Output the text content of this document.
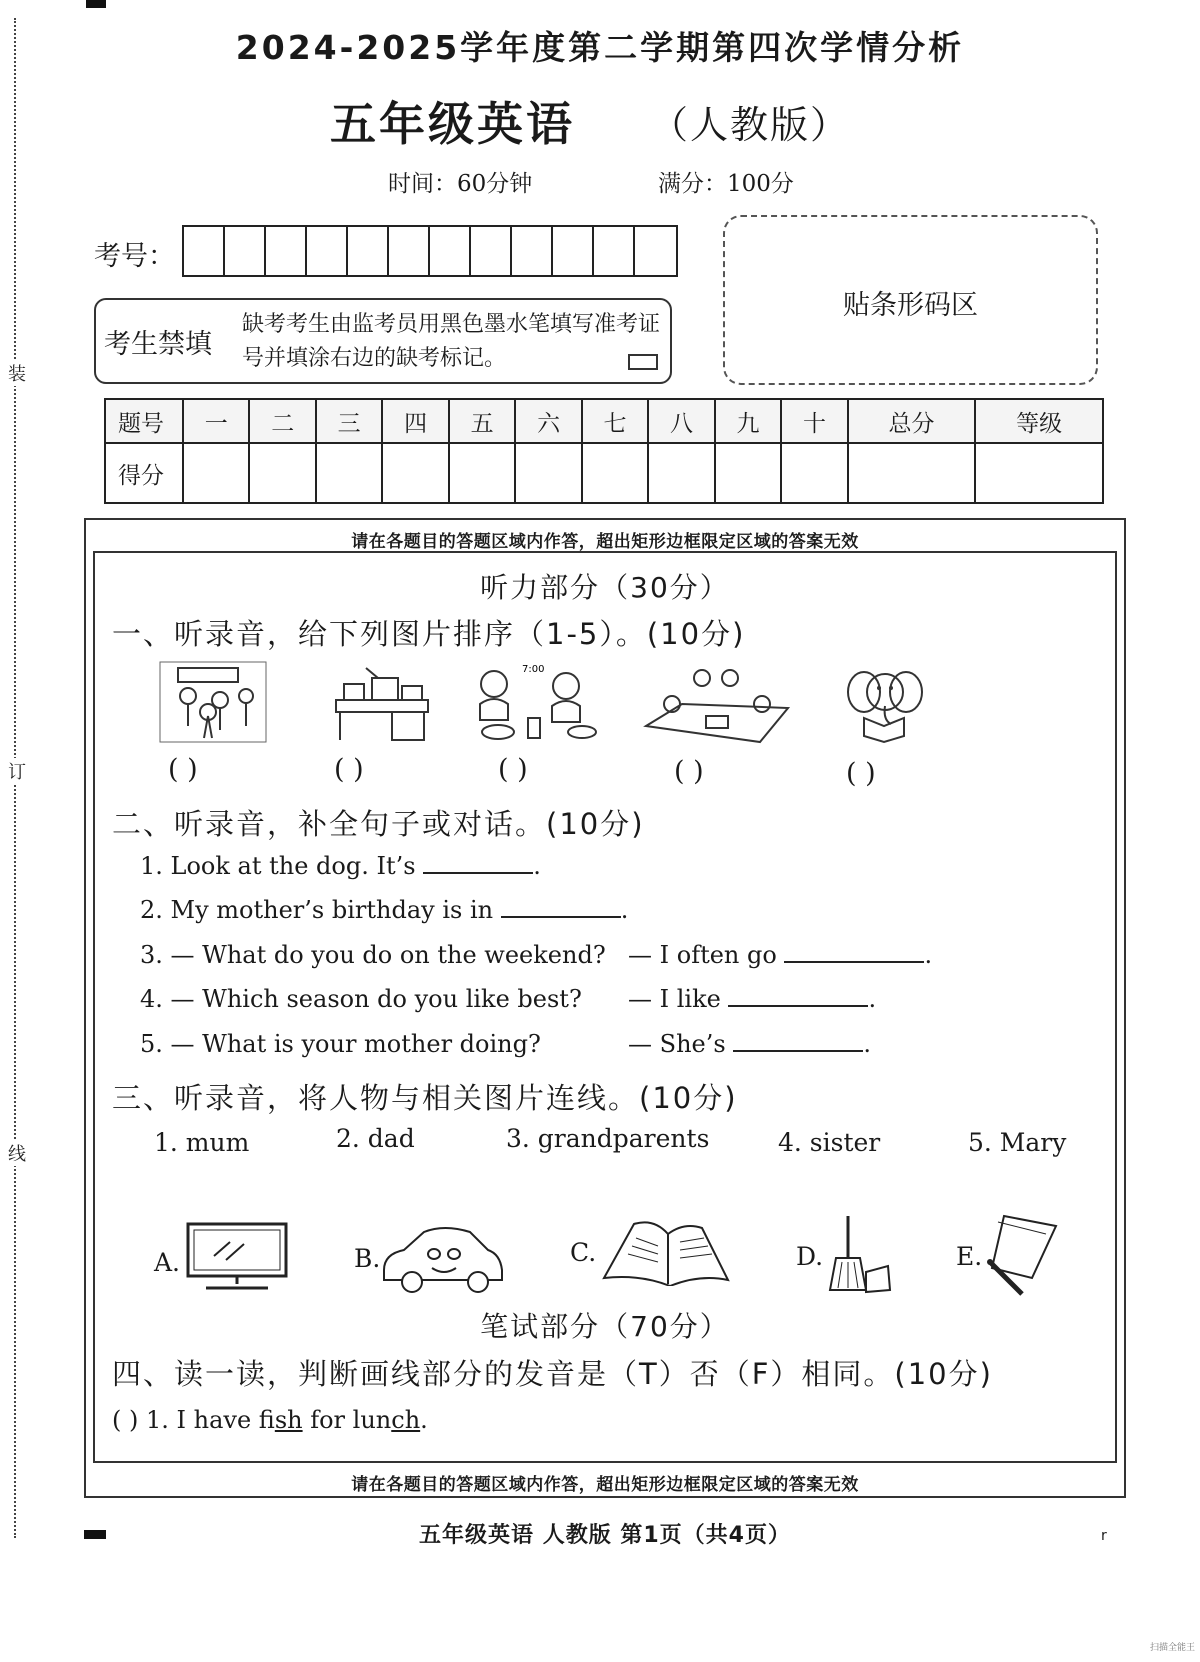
装
订
线
2024-2025学年度第二学期第四次学情分析
五年级英语 （人教版）
时间：60分钟	满分：100分
考号：
考生禁填
缺考考生由监考员用黑色墨水笔填写准考证号并填涂右边的缺考标记。
贴条形码区
题号	一	二	三	四	五	六	七	八	九	十	总分	等级
得分												
请在各题目的答题区域内作答，超出矩形边框限定区域的答案无效
请在各题目的答题区域内作答，超出矩形边框限定区域的答案无效
听力部分（30分）
一、听录音，给下列图片排序（1-5）。(10分)
7:00
( )	( )	( )	( )	( )
二、听录音，补全句子或对话。(10分)
1. Look at the dog. It’s	.
2. My mother’s birthday is in	.
3. — What do you do on the weekend? — I often go	.
4. — Which season do you like best? — I like	.
5. — What is your mother doing?	— She’s	.
三、听录音，将人物与相关图片连线。(10分)
1. mum	2. dad	3. grandparents	4. sister	5. Mary
A.	B.	C.	D.	E.
笔试部分（70分）
四、读一读，判断画线部分的发音是（T）否（F）相同。(10分)
( ) 1. I have fish for lunch.
五年级英语 人教版 第1页（共4页）	r
扫描全能王
